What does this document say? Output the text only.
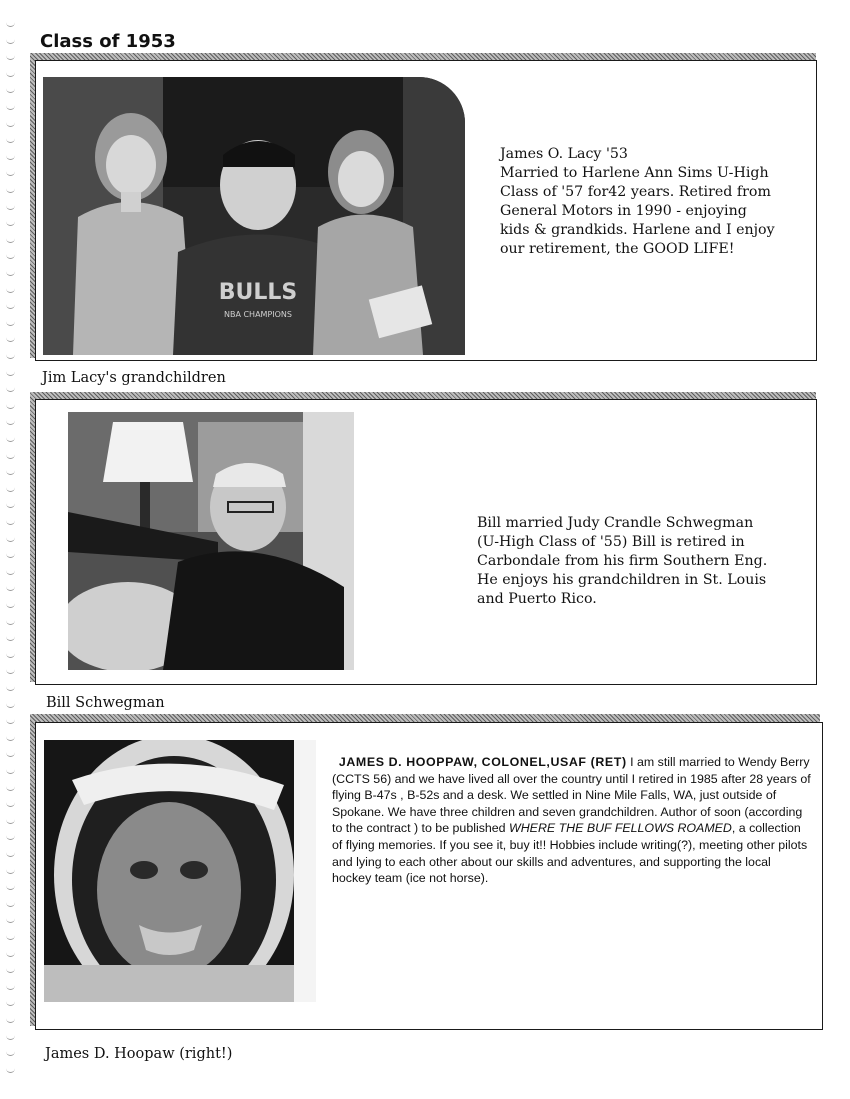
Class of 1953
BULLS
NBA CHAMPIONS
James O. Lacy '53
Married to Harlene Ann Sims U-High
Class of '57 for42 years. Retired from
General Motors in 1990 - enjoying
kids & grandkids. Harlene and I enjoy
our retirement, the GOOD LIFE!
Jim Lacy's grandchildren
Bill married Judy Crandle Schwegman
(U-High Class of '55) Bill is retired in
Carbondale from his firm Southern Eng.
He enjoys his grandchildren in St. Louis
and Puerto Rico.
Bill Schwegman
JAMES D. HOOPPAW, COLONEL,USAF (RET) I am still married to Wendy Berry (CCTS 56) and we have lived all over the country until I retired in 1985 after 28 years of flying B-47s , B-52s and a desk. We settled in Nine Mile Falls, WA, just outside of Spokane. We have three children and seven grandchildren. Author of soon (according to the contract ) to be published WHERE THE BUF FELLOWS ROAMED, a collection of flying memories. If you see it, buy it!! Hobbies include writing(?), meeting other pilots and lying to each other about our skills and adventures, and supporting the local hockey team (ice not horse).
James D. Hoopaw (right!)
